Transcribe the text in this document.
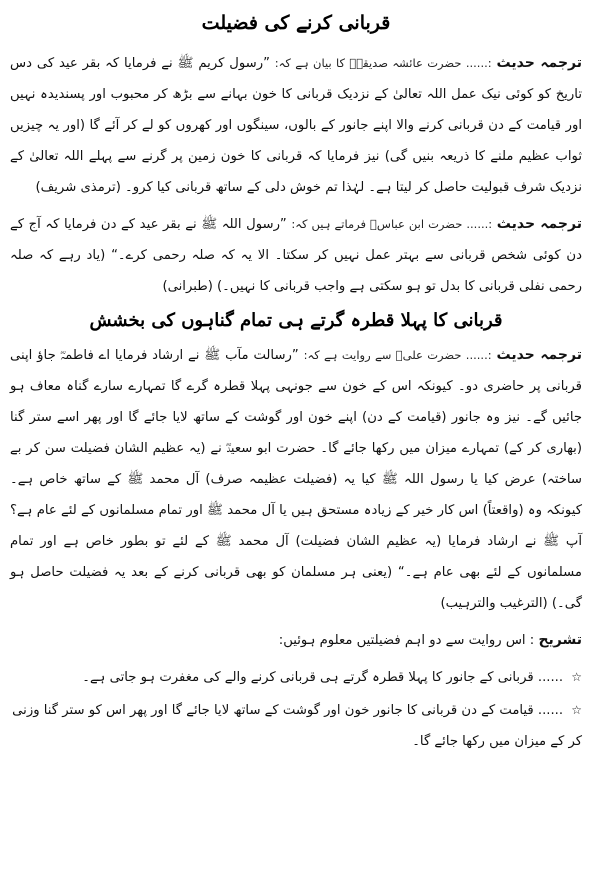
قربانی کرنے کی فضیلت

ترجمہ حدیث :...... حضرت عائشہ صدیقہؓ کا بیان ہے کہ: ”رسول کریم ﷺ نے فرمایا کہ بقر عید کی دس تاریخ کو کوئی نیک عمل اللہ تعالیٰ کے نزدیک قربانی کا خون بہانے سے بڑھ کر محبوب اور پسندیدہ نہیں اور قیامت کے دن قربانی کرنے والا اپنے جانور کے بالوں، سینگوں اور کھروں کو لے کر آئے گا (اور یہ چیزیں ثواب عظیم ملنے کا ذریعہ بنیں گی) نیز فرمایا کہ قربانی کا خون زمین پر گرنے سے پہلے اللہ تعالیٰ کے نزدیک شرف قبولیت حاصل کر لیتا ہے۔ لہٰذا تم خوش دلی کے ساتھ قربانی کیا کرو۔ (ترمذی شریف)

ترجمہ حدیث :...... حضرت ابن عباسؓ فرماتے ہیں کہ: ”رسول اللہ ﷺ نے بقر عید کے دن فرمایا کہ آج کے دن کوئی شخص قربانی سے بہتر عمل نہیں کر سکتا۔ الا یہ کہ صلہ رحمی کرے۔“ (یاد رہے کہ صلہ رحمی نفلی قربانی کا بدل تو ہو سکتی ہے واجب قربانی کا نہیں۔) (طبرانی)

قربانی کا پہلا قطرہ گرتے ہی تمام گناہوں کی بخشش

ترجمہ حدیث :...... حضرت علیؓ سے روایت ہے کہ: ”رسالت مآب ﷺ نے ارشاد فرمایا اے فاطمہؓ جاؤ اپنی قربانی پر حاضری دو۔ کیونکہ اس کے خون سے جونہی پہلا قطرہ گرے گا تمہارے سارے گناہ معاف ہو جائیں گے۔ نیز وہ جانور (قیامت کے دن) اپنے خون اور گوشت کے ساتھ لایا جائے گا اور پھر اسے ستر گنا (بھاری کر کے) تمہارے میزان میں رکھا جائے گا۔ حضرت ابو سعیدؓ نے (یہ عظیم الشان فضیلت سن کر بے ساختہ) عرض کیا یا رسول اللہ ﷺ کیا یہ (فضیلت عظیمہ صرف) آل محمد ﷺ کے ساتھ خاص ہے۔ کیونکہ وہ (واقعتاً) اس کار خیر کے زیادہ مستحق ہیں یا آل محمد ﷺ اور تمام مسلمانوں کے لئے عام ہے؟ آپ ﷺ نے ارشاد فرمایا (یہ عظیم الشان فضیلت) آل محمد ﷺ کے لئے تو بطور خاص ہے اور تمام مسلمانوں کے لئے بھی عام ہے۔“ (یعنی ہر مسلمان کو بھی قربانی کرنے کے بعد یہ فضیلت حاصل ہو گی۔) (الترغیب والترہیب)

تشریح : اس روایت سے دو اہم فضیلتیں معلوم ہوئیں:

☆ ...... قربانی کے جانور کا پہلا قطرہ گرتے ہی قربانی کرنے والے کی مغفرت ہو جاتی ہے۔
☆ ...... قیامت کے دن قربانی کا جانور خون اور گوشت کے ساتھ لایا جائے گا اور پھر اس کو ستر گنا وزنی کر کے میزان میں رکھا جائے گا۔
